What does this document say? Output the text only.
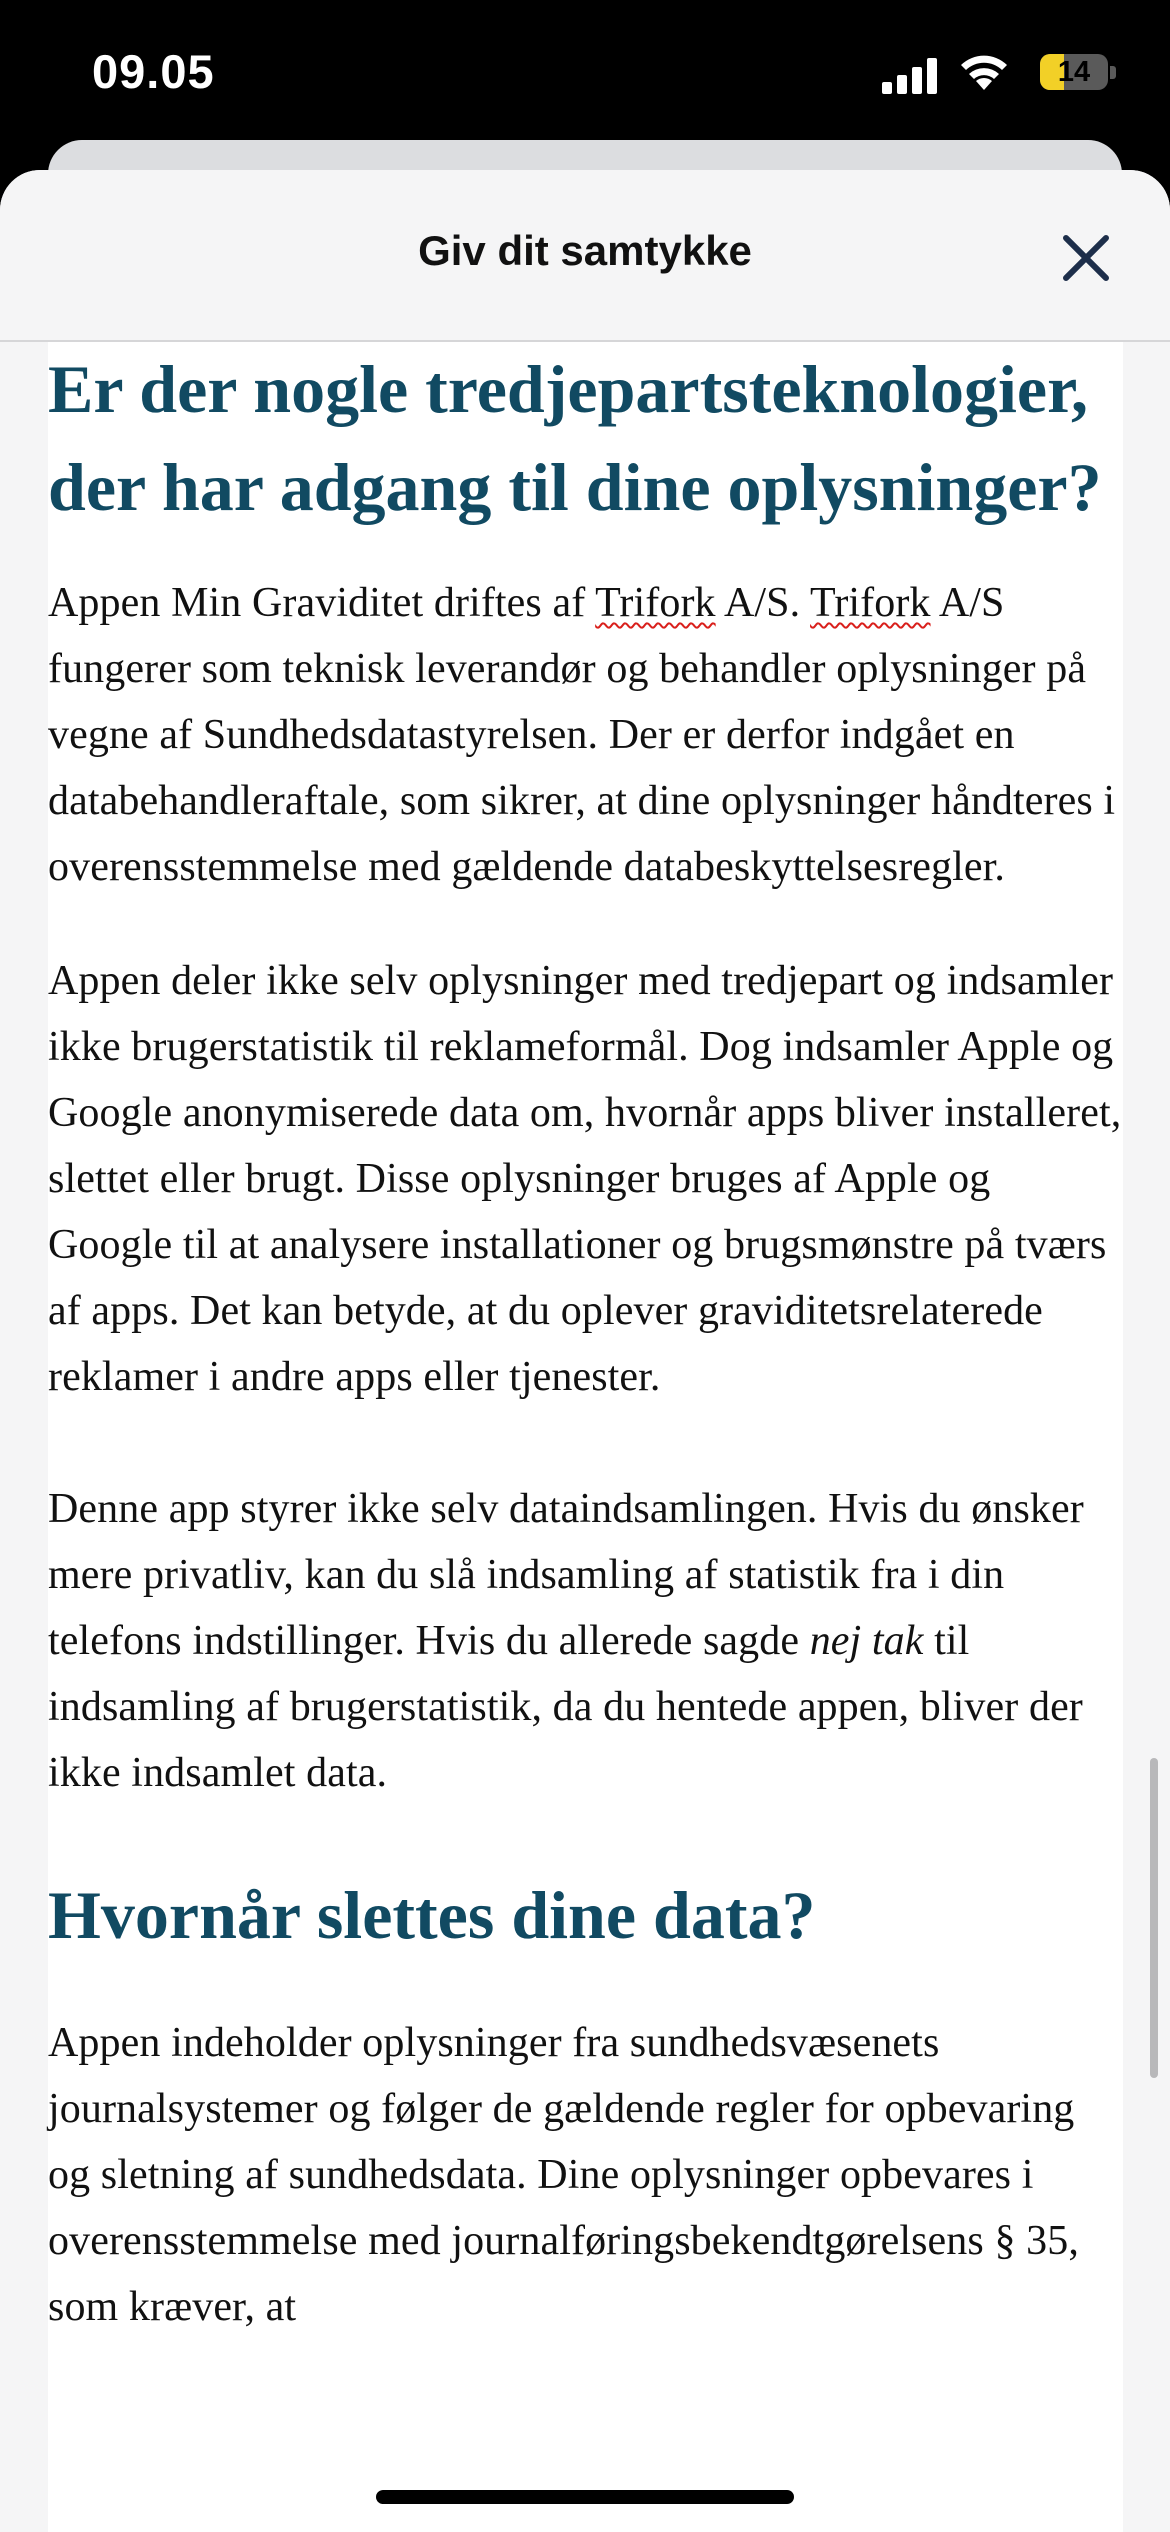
09.05	14
Giv dit samtykke
Er der nogle tredjepartsteknologier, der har adgang til dine oplysninger?

Appen Min Graviditet driftes af Trifork A/S. Trifork A/S fungerer som teknisk leverandør og behandler oplysninger på vegne af Sundhedsdatastyrelsen. Der er derfor indgået en databehandleraftale, som sikrer, at dine oplysninger håndteres i overensstemmelse med gældende databeskyttelsesregler.

Appen deler ikke selv oplysninger med tredjepart og indsamler ikke brugerstatistik til reklameformål. Dog indsamler Apple og Google anonymiserede data om, hvornår apps bliver installeret, slettet eller brugt. Disse oplysninger bruges af Apple og Google til at analysere installationer og brugsmønstre på tværs af apps. Det kan betyde, at du oplever graviditetsrelaterede reklamer i andre apps eller tjenester.

Denne app styrer ikke selv dataindsamlingen. Hvis du ønsker mere privatliv, kan du slå indsamling af statistik fra i din telefons indstillinger. Hvis du allerede sagde nej tak til indsamling af brugerstatistik, da du hentede appen, bliver der ikke indsamlet data.

Hvornår slettes dine data?

Appen indeholder oplysninger fra sundhedsvæsenets journalsystemer og følger de gældende regler for opbevaring og sletning af sundhedsdata. Dine oplysninger opbevares i overensstemmelse med journalføringsbekendtgørelsens § 35, som kræver, at
